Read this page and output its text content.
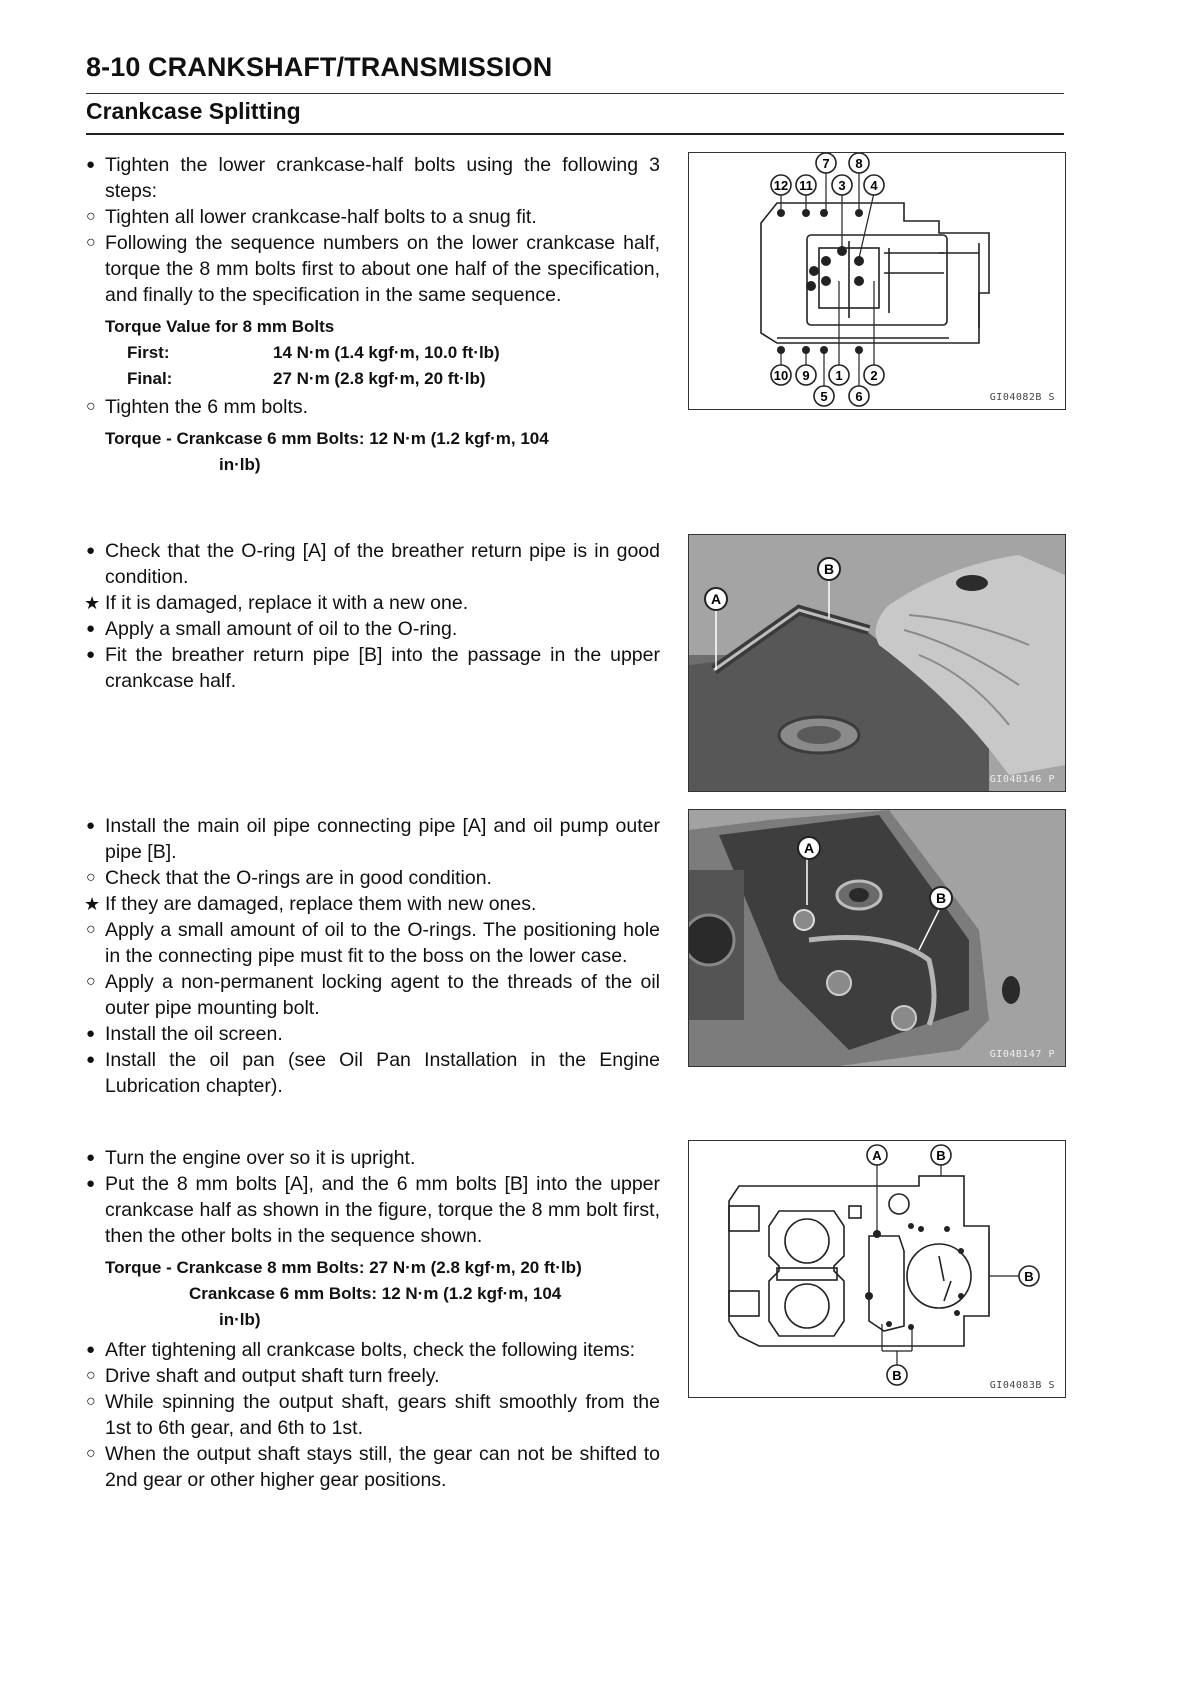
8-10 CRANKSHAFT/TRANSMISSION
Crankcase Splitting
● Tighten the lower crankcase-half bolts using the following 3 steps:
○ Tighten all lower crankcase-half bolts to a snug fit.
○ Following the sequence numbers on the lower crankcase half, torque the 8 mm bolts first to about one half of the specification, and finally to the specification in the same sequence.
Torque Value for 8 mm Bolts
First:	14 N·m (1.4 kgf·m, 10.0 ft·lb)
Final:	27 N·m (2.8 kgf·m, 20 ft·lb)
○ Tighten the 6 mm bolts.
Torque - Crankcase 6 mm Bolts: 12 N·m (1.2 kgf·m, 104
in·lb)
12 11
7
3
8
4
10 9 1 2
5 6	GI04082B S
● Check that the O-ring [A] of the breather return pipe is in good condition.
★ If it is damaged, replace it with a new one.
● Apply a small amount of oil to the O-ring.
● Fit the breather return pipe [B] into the passage in the upper crankcase half.
A
B
GI04B146 P
● Install the main oil pipe connecting pipe [A] and oil pump outer pipe [B].
○ Check that the O-rings are in good condition.
★ If they are damaged, replace them with new ones.
○ Apply a small amount of oil to the O-rings. The positioning hole in the connecting pipe must fit to the boss on the lower case.
○ Apply a non-permanent locking agent to the threads of the oil outer pipe mounting bolt.
● Install the oil screen.
● Install the oil pan (see Oil Pan Installation in the Engine Lubrication chapter).
A
B
GI04B147 P
● Turn the engine over so it is upright.
● Put the 8 mm bolts [A], and the 6 mm bolts [B] into the upper crankcase half as shown in the figure, torque the 8 mm bolt first, then the other bolts in the sequence shown.
Torque - Crankcase 8 mm Bolts: 27 N·m (2.8 kgf·m, 20 ft·lb)
Crankcase 6 mm Bolts: 12 N·m (1.2 kgf·m, 104
in·lb)
● After tightening all crankcase bolts, check the following items:
○ Drive shaft and output shaft turn freely.
○ While spinning the output shaft, gears shift smoothly from the 1st to 6th gear, and 6th to 1st.
○ When the output shaft stays still, the gear can not be shifted to 2nd gear or other higher gear positions.
A	B
B
B
GI04083B S
